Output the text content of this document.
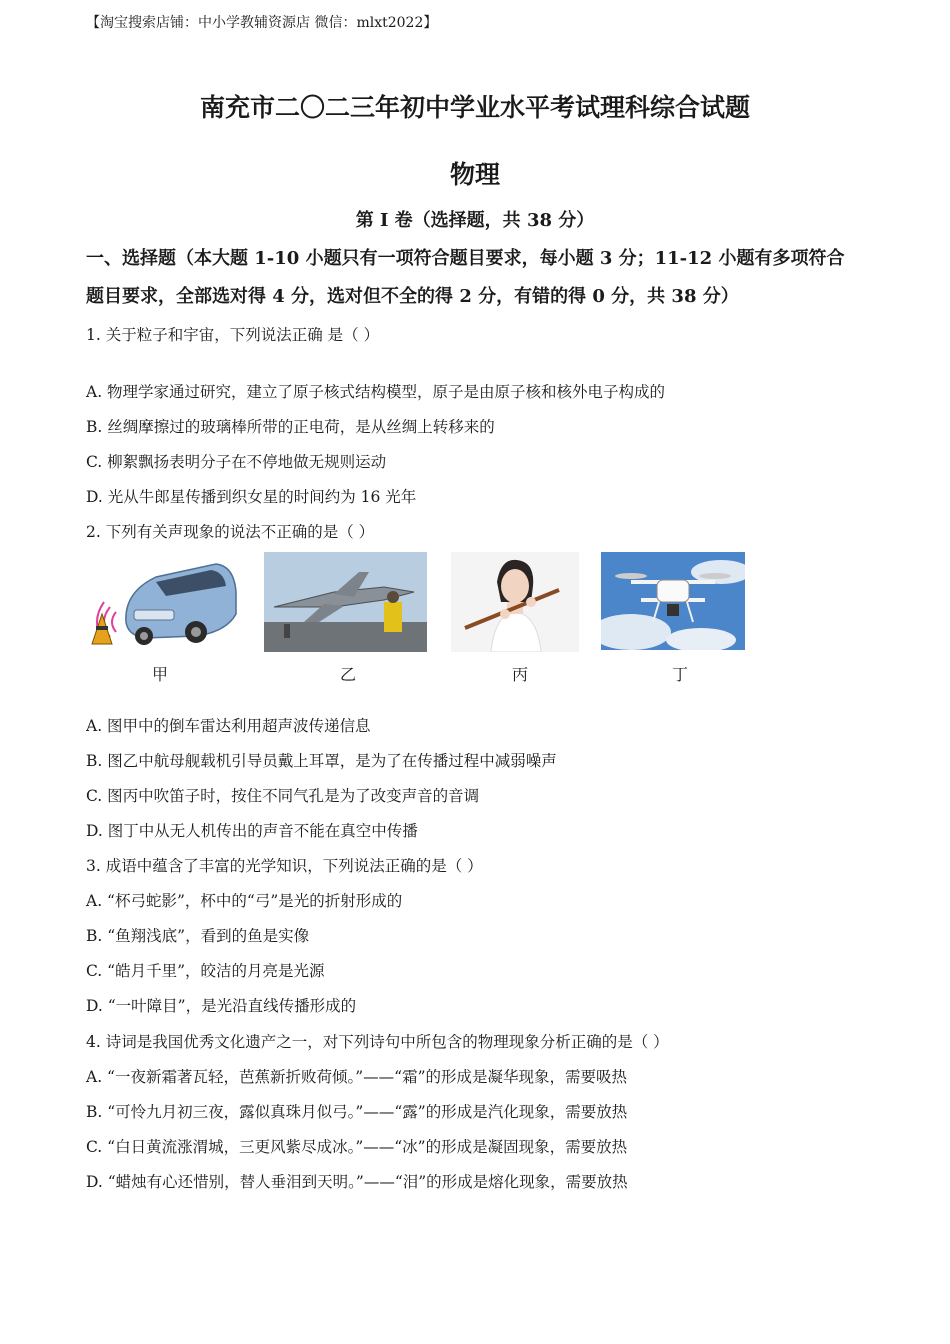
【淘宝搜索店铺：中小学教辅资源店 微信：mlxt2022】
南充市二〇二三年初中学业水平考试理科综合试题
物理
第 I 卷（选择题，共 38 分）
一、选择题（本大题 1-10 小题只有一项符合题目要求，每小题 3 分；11-12 小题有多项符合
题目要求，全部选对得 4 分，选对但不全的得 2 分，有错的得 0 分，共 38 分）
1. 关于粒子和宇宙，下列说法正确 是（ ）
A. 物理学家通过研究，建立了原子核式结构模型，原子是由原子核和核外电子构成的
B. 丝绸摩擦过的玻璃棒所带的正电荷，是从丝绸上转移来的
C. 柳絮飘扬表明分子在不停地做无规则运动
D. 光从牛郎星传播到织女星的时间约为 16 光年
2. 下列有关声现象的说法不正确的是（ ）
甲	乙	丙	丁
A. 图甲中的倒车雷达利用超声波传递信息
B. 图乙中航母舰载机引导员戴上耳罩，是为了在传播过程中减弱噪声
C. 图丙中吹笛子时，按住不同气孔是为了改变声音的音调
D. 图丁中从无人机传出的声音不能在真空中传播
3. 成语中蕴含了丰富的光学知识，下列说法正确的是（ ）
A. “杯弓蛇影”，杯中的“弓”是光的折射形成的
B. “鱼翔浅底”，看到的鱼是实像
C. “皓月千里”，皎洁的月亮是光源
D. “一叶障目”，是光沿直线传播形成的
4. 诗词是我国优秀文化遗产之一，对下列诗句中所包含的物理现象分析正确的是（ ）
A. “一夜新霜著瓦轻，芭蕉新折败荷倾。”——“霜”的形成是凝华现象，需要吸热
B. “可怜九月初三夜，露似真珠月似弓。”——“露”的形成是汽化现象，需要放热
C. “白日黄流涨渭城，三更风紫尽成冰。”——“冰”的形成是凝固现象，需要放热
D. “蜡烛有心还惜别，替人垂泪到天明。”——“泪”的形成是熔化现象，需要放热
